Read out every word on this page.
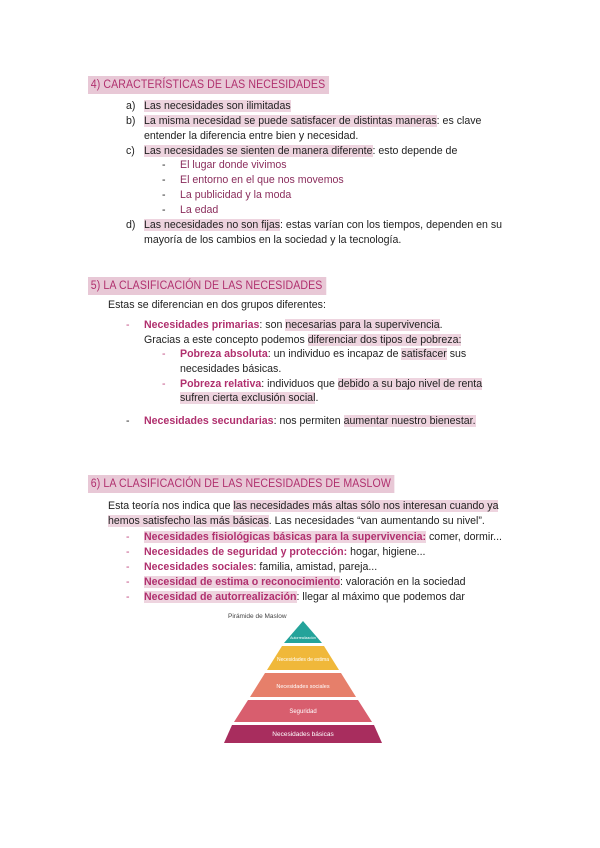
4) CARACTERÍSTICAS DE LAS NECESIDADES
a) Las necesidades son ilimitadas
b) La misma necesidad se puede satisfacer de distintas maneras: es clave
entender la diferencia entre bien y necesidad.
c) Las necesidades se sienten de manera diferente: esto depende de
- El lugar donde vivimos
- El entorno en el que nos movemos
- La publicidad y la moda
- La edad
d) Las necesidades no son fijas: estas varían con los tiempos, dependen en su
mayoría de los cambios en la sociedad y la tecnología.
5) LA CLASIFICACIÓN DE LAS NECESIDADES
Estas se diferencian en dos grupos diferentes:
- Necesidades primarias: son necesarias para la supervivencia.
Gracias a este concepto podemos diferenciar dos tipos de pobreza:
- Pobreza absoluta: un individuo es incapaz de satisfacer sus
necesidades básicas.
- Pobreza relativa: individuos que debido a su bajo nivel de renta
sufren cierta exclusión social.
- Necesidades secundarias: nos permiten aumentar nuestro bienestar.
6) LA CLASIFICACIÓN DE LAS NECESIDADES DE MASLOW
Esta teoría nos indica que las necesidades más altas sólo nos interesan cuando ya
hemos satisfecho las más básicas. Las necesidades “van aumentando su nivel”.
- Necesidades fisiológicas básicas para la supervivencia: comer, dormir...
- Necesidades de seguridad y protección: hogar, higiene...
- Necesidades sociales: familia, amistad, pareja...
- Necesidad de estima o reconocimiento: valoración en la sociedad
- Necesidad de autorrealización: llegar al máximo que podemos dar
Pirámide de Maslow
Autorrealización
Necesidades de estima
Necesidades sociales
Seguridad
Necesidades básicas
